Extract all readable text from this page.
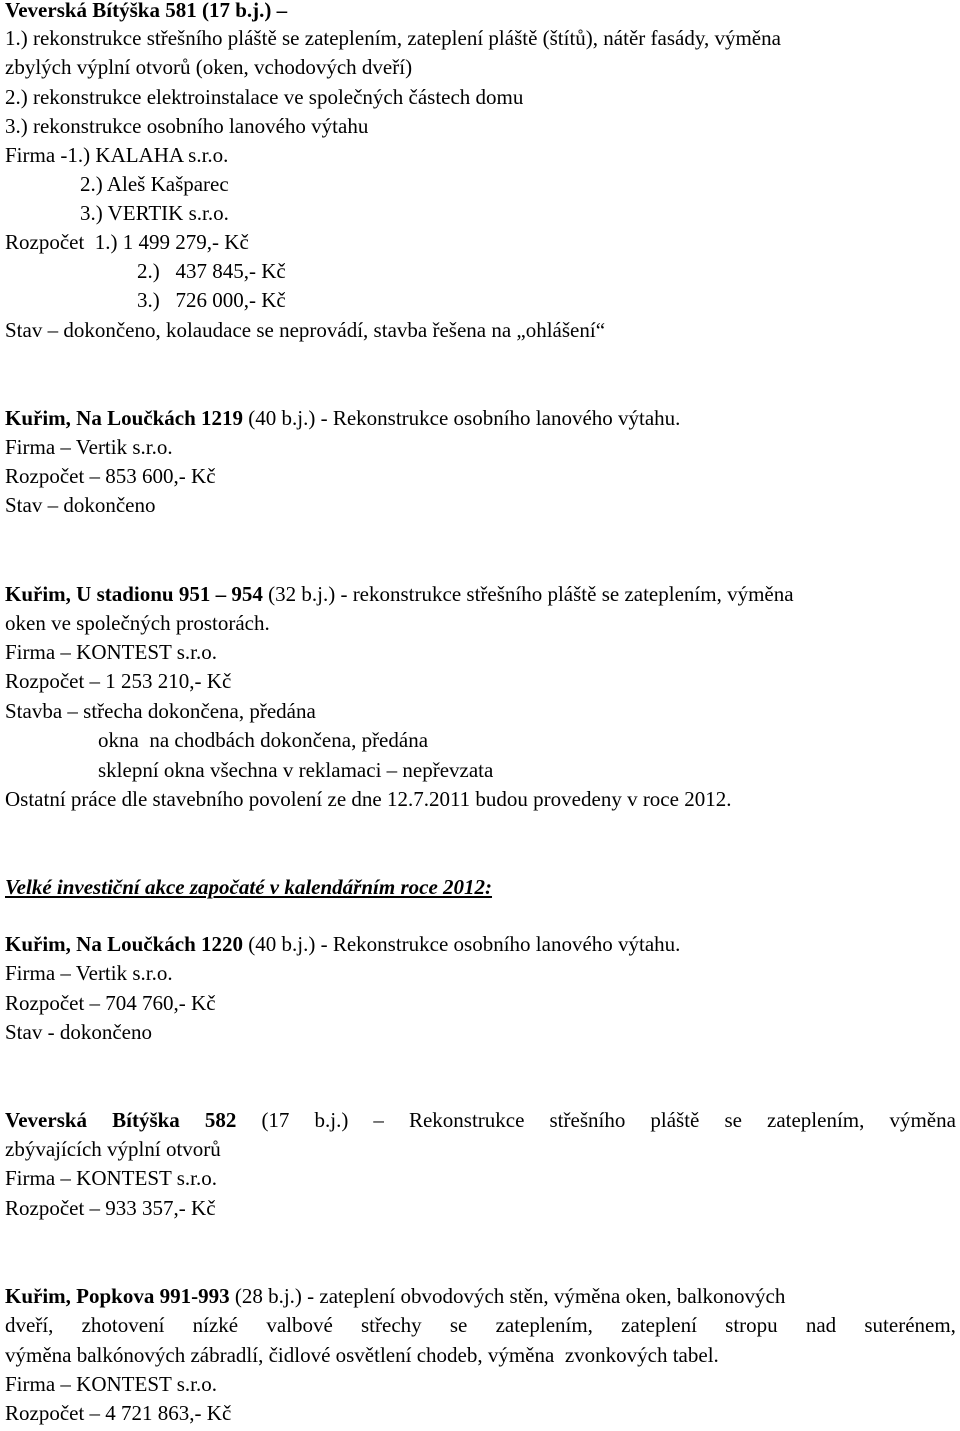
Veverská Bítýška 581 (17 b.j.) –
1.) rekonstrukce střešního pláště se zateplením, zateplení pláště (štítů), nátěr fasády, výměna
zbylých výplní otvorů (oken, vchodových dveří)
2.) rekonstrukce elektroinstalace ve společných částech domu
3.) rekonstrukce osobního lanového výtahu
Firma -1.) KALAHA s.r.o.
2.) Aleš Kašparec
3.) VERTIK s.r.o.
Rozpočet  1.) 1 499 279,- Kč
2.)   437 845,- Kč
3.)   726 000,- Kč
Stav – dokončeno, kolaudace se neprovádí, stavba řešena na „ohlášení“
Kuřim, Na Loučkách 1219 (40 b.j.) - Rekonstrukce osobního lanového výtahu.
Firma – Vertik s.r.o.
Rozpočet – 853 600,- Kč
Stav – dokončeno
Kuřim, U stadionu 951 – 954 (32 b.j.) - rekonstrukce střešního pláště se zateplením, výměna
oken ve společných prostorách.
Firma – KONTEST s.r.o.
Rozpočet – 1 253 210,- Kč
Stavba – střecha dokončena, předána
okna  na chodbách dokončena, předána
sklepní okna všechna v reklamaci – nepřevzata
Ostatní práce dle stavebního povolení ze dne 12.7.2011 budou provedeny v roce 2012.
Velké investiční akce započaté v kalendářním roce 2012:
Kuřim, Na Loučkách 1220 (40 b.j.) - Rekonstrukce osobního lanového výtahu.
Firma – Vertik s.r.o.
Rozpočet – 704 760,- Kč
Stav - dokončeno
Veverská Bítýška 582 (17 b.j.) – Rekonstrukce střešního pláště se zateplením, výměna
zbývajících výplní otvorů
Firma – KONTEST s.r.o.
Rozpočet – 933 357,- Kč
Kuřim, Popkova 991-993 (28 b.j.) - zateplení obvodových stěn, výměna oken, balkonových
dveří, zhotovení nízké valbové střechy se zateplením, zateplení stropu nad suterénem,
výměna balkónových zábradlí, čidlové osvětlení chodeb, výměna  zvonkových tabel.
Firma – KONTEST s.r.o.
Rozpočet – 4 721 863,- Kč
